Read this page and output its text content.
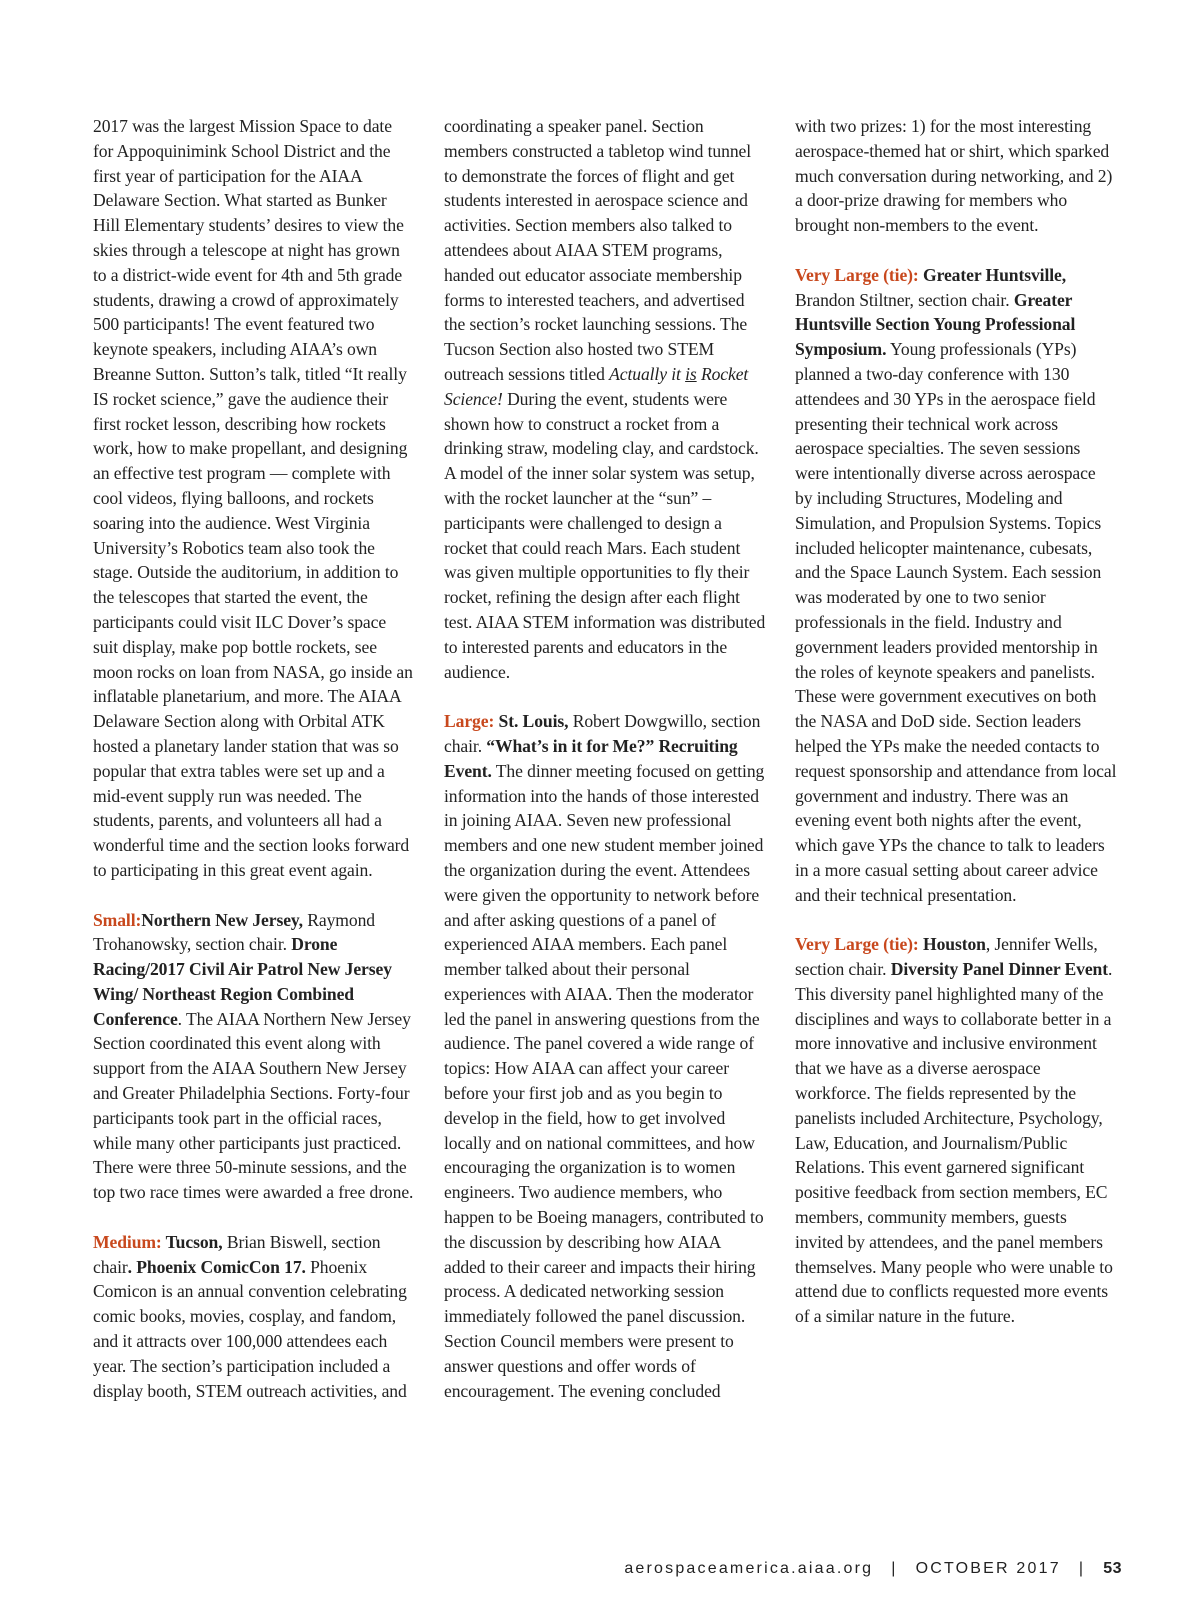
2017 was the largest Mission Space to date for Appoquinimink School District and the first year of participation for the AIAA Delaware Section. What started as Bunker Hill Elementary students’ desires to view the skies through a telescope at night has grown to a district-wide event for 4th and 5th grade students, drawing a crowd of approximately 500 participants! The event featured two keynote speakers, including AIAA’s own Breanne Sutton. Sutton’s talk, titled “It really IS rocket science,” gave the audience their first rocket lesson, describing how rockets work, how to make propellant, and designing an effective test program — complete with cool videos, flying balloons, and rockets soaring into the audience. West Virginia University’s Robotics team also took the stage. Outside the auditorium, in addition to the telescopes that started the event, the participants could visit ILC Dover’s space suit display, make pop bottle rockets, see moon rocks on loan from NASA, go inside an inflatable planetarium, and more. The AIAA Delaware Section along with Orbital ATK hosted a planetary lander station that was so popular that extra tables were set up and a mid-event supply run was needed. The students, parents, and volunteers all had a wonderful time and the section looks forward to participating in this great event again.

Small:Northern New Jersey, Raymond Trohanowsky, section chair. Drone Racing/2017 Civil Air Patrol New Jersey Wing/ Northeast Region Combined Conference. The AIAA Northern New Jersey Section coordinated this event along with support from the AIAA Southern New Jersey and Greater Philadelphia Sections. Forty-four participants took part in the official races, while many other participants just practiced. There were three 50-minute sessions, and the top two race times were awarded a free drone.

Medium: Tucson, Brian Biswell, section chair. Phoenix ComicCon 17. Phoenix Comicon is an annual convention celebrating comic books, movies, cosplay, and fandom, and it attracts over 100,000 attendees each year. The section’s participation included a display booth, STEM outreach activities, and

coordinating a speaker panel. Section members constructed a tabletop wind tunnel to demonstrate the forces of flight and get students interested in aerospace science and activities. Section members also talked to attendees about AIAA STEM programs, handed out educator associate membership forms to interested teachers, and advertised the section’s rocket launching sessions. The Tucson Section also hosted two STEM outreach sessions titled Actually it is Rocket Science! During the event, students were shown how to construct a rocket from a drinking straw, modeling clay, and cardstock. A model of the inner solar system was setup, with the rocket launcher at the “sun” – participants were challenged to design a rocket that could reach Mars. Each student was given multiple opportunities to fly their rocket, refining the design after each flight test. AIAA STEM information was distributed to interested parents and educators in the audience.

Large: St. Louis, Robert Dowgwillo, section chair. “What’s in it for Me?” Recruiting Event. The dinner meeting focused on getting information into the hands of those interested in joining AIAA. Seven new professional members and one new student member joined the organization during the event. Attendees were given the opportunity to network before and after asking questions of a panel of experienced AIAA members. Each panel member talked about their personal experiences with AIAA. Then the moderator led the panel in answering questions from the audience. The panel covered a wide range of topics: How AIAA can affect your career before your first job and as you begin to develop in the field, how to get involved locally and on national committees, and how encouraging the organization is to women engineers. Two audience members, who happen to be Boeing managers, contributed to the discussion by describing how AIAA added to their career and impacts their hiring process. A dedicated networking session immediately followed the panel discussion. Section Council members were present to answer questions and offer words of encouragement. The evening concluded

with two prizes: 1) for the most interesting aerospace-themed hat or shirt, which sparked much conversation during networking, and 2) a door-prize drawing for members who brought non-members to the event.

Very Large (tie): Greater Huntsville, Brandon Stiltner, section chair. Greater Huntsville Section Young Professional Symposium. Young professionals (YPs) planned a two-day conference with 130 attendees and 30 YPs in the aerospace field presenting their technical work across aerospace specialties. The seven sessions were intentionally diverse across aerospace by including Structures, Modeling and Simulation, and Propulsion Systems. Topics included helicopter maintenance, cubesats, and the Space Launch System. Each session was moderated by one to two senior professionals in the field. Industry and government leaders provided mentorship in the roles of keynote speakers and panelists. These were government executives on both the NASA and DoD side. Section leaders helped the YPs make the needed contacts to request sponsorship and attendance from local government and industry. There was an evening event both nights after the event, which gave YPs the chance to talk to leaders in a more casual setting about career advice and their technical presentation.

Very Large (tie): Houston, Jennifer Wells, section chair. Diversity Panel Dinner Event. This diversity panel highlighted many of the disciplines and ways to collaborate better in a more innovative and inclusive environment that we have as a diverse aerospace workforce. The fields represented by the panelists included Architecture, Psychology, Law, Education, and Journalism/Public Relations. This event garnered significant positive feedback from section members, EC members, community members, guests invited by attendees, and the panel members themselves. Many people who were unable to attend due to conflicts requested more events of a similar nature in the future.

aerospaceamerica.aiaa.org | OCTOBER 2017 | 53
